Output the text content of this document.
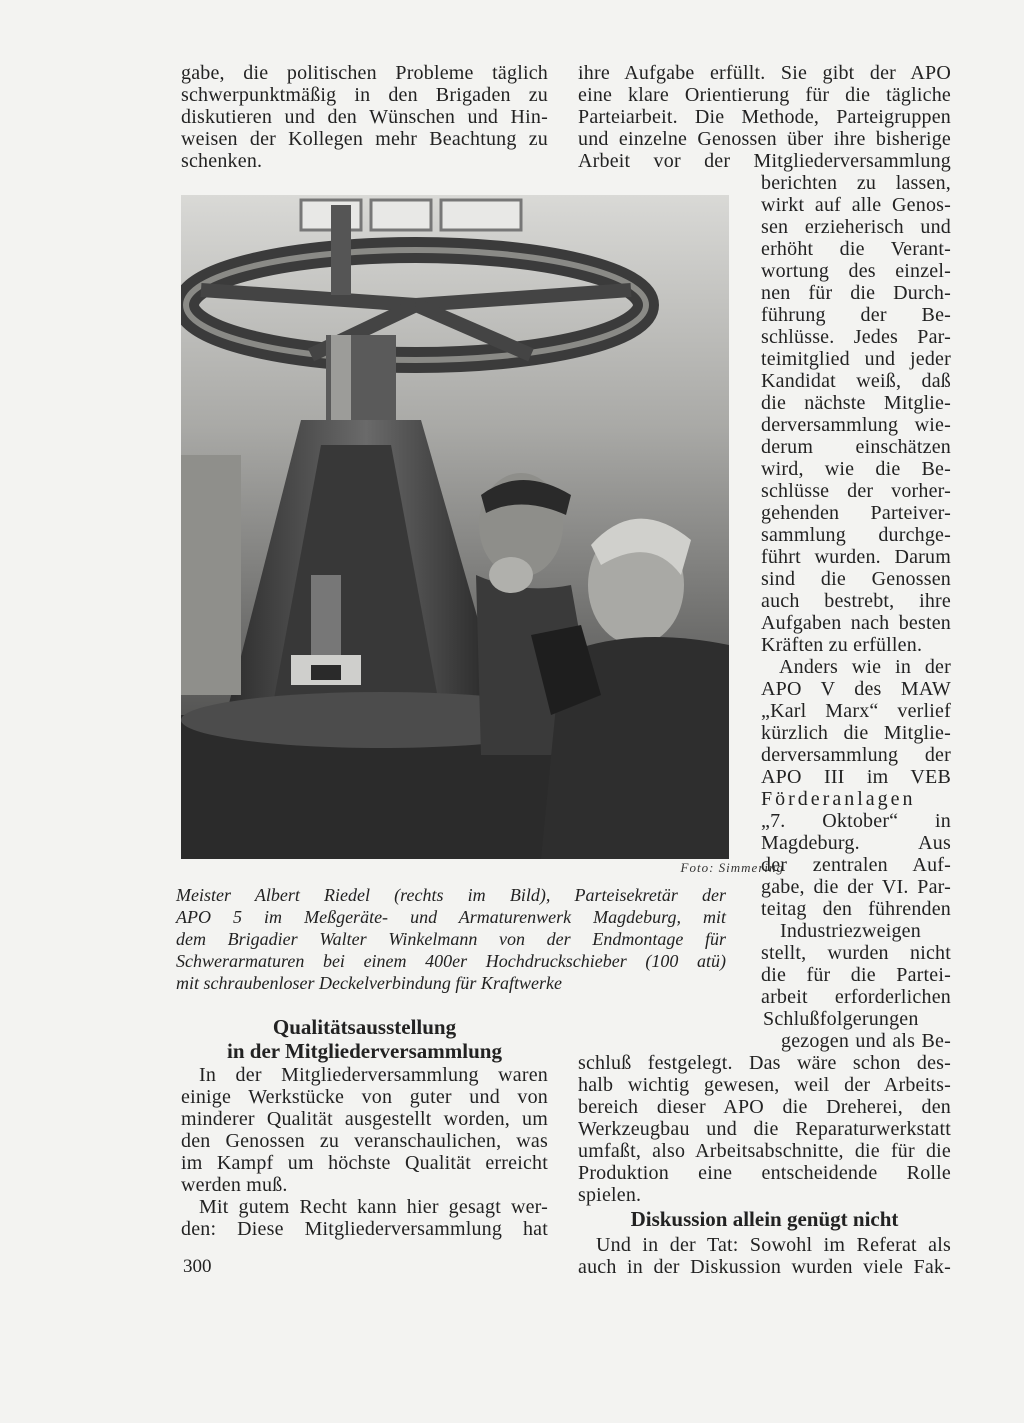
gabe, die politischen Probleme täglich
schwerpunktmäßig in den Brigaden zu
diskutieren und den Wünschen und Hin-
weisen der Kollegen mehr Beachtung zu
schenken.
ihre Aufgabe erfüllt. Sie gibt der APO
eine klare Orientierung für die tägliche
Parteiarbeit. Die Methode, Parteigruppen
und einzelne Genossen über ihre bisherige
Arbeit vor der Mitgliederversammlung
Foto: Simmering
berichten zu lassen,
wirkt auf alle Genos-
sen erzieherisch und
erhöht die Verant-
wortung des einzel-
nen für die Durch-
führung der Be-
schlüsse. Jedes Par-
teimitglied und jeder
Kandidat weiß, daß
die nächste Mitglie-
derversammlung wie-
derum einschätzen
wird, wie die Be-
schlüsse der vorher-
gehenden Parteiver-
sammlung durchge-
führt wurden. Darum
sind die Genossen
auch bestrebt, ihre
Aufgaben nach besten
Kräften zu erfüllen.
Anders wie in der
APO V des MAW
„Karl Marx“ verlief
kürzlich die Mitglie-
derversammlung der
APO III im VEB
Förderanlagen
„7. Oktober“ in
Magdeburg. Aus
der zentralen Auf-
gabe, die der VI. Par-
teitag den führenden
Industriezweigen
stellt, wurden nicht
die für die Partei-
arbeit erforderlichen
Schlußfolgerungen
gezogen und als Be-
Meister Albert Riedel (rechts im Bild), Parteisekretär der
APO 5 im Meßgeräte- und Armaturenwerk Magdeburg, mit
dem Brigadier Walter Winkelmann von der Endmontage für
Schwerarmaturen bei einem 400er Hochdruckschieber (100 atü)
mit schraubenloser Deckelverbindung für Kraftwerke
Qualitätsausstellung
in der Mitgliederversammlung
In der Mitgliederversammlung waren
einige Werkstücke von guter und von
minderer Qualität ausgestellt worden, um
den Genossen zu veranschaulichen, was
im Kampf um höchste Qualität erreicht
werden muß.
Mit gutem Recht kann hier gesagt wer-
den: Diese Mitgliederversammlung hat
schluß festgelegt. Das wäre schon des-
halb wichtig gewesen, weil der Arbeits-
bereich dieser APO die Dreherei, den
Werkzeugbau und die Reparaturwerkstatt
umfaßt, also Arbeitsabschnitte, die für die
Produktion eine entscheidende Rolle
spielen.
Diskussion allein genügt nicht
Und in der Tat: Sowohl im Referat als
auch in der Diskussion wurden viele Fak-
300
